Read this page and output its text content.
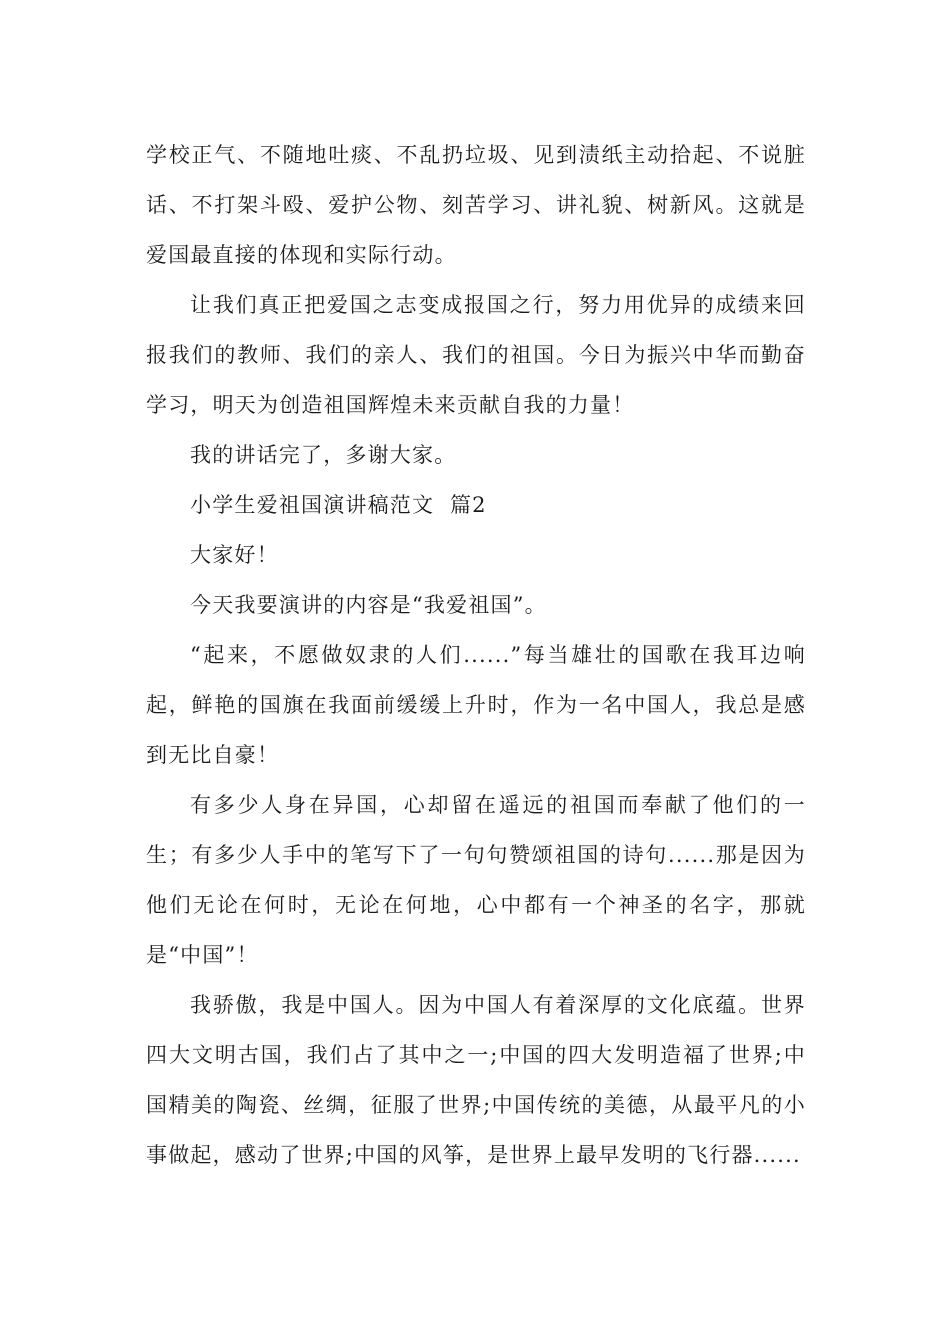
学校正气、不随地吐痰、不乱扔垃圾、见到渍纸主动拾起、不说脏话、不打架斗殴、爱护公物、刻苦学习、讲礼貌、树新风。这就是爱国最直接的体现和实际行动。

让我们真正把爱国之志变成报国之行，努力用优异的成绩来回报我们的教师、我们的亲人、我们的祖国。今日为振兴中华而勤奋学习，明天为创造祖国辉煌未来贡献自我的力量！

我的讲话完了，多谢大家。

小学生爱祖国演讲稿范文  篇2

大家好！

今天我要演讲的内容是“我爱祖国”。

“起来，不愿做奴隶的人们......”每当雄壮的国歌在我耳边响起，鲜艳的国旗在我面前缓缓上升时，作为一名中国人，我总是感到无比自豪！

有多少人身在异国，心却留在遥远的祖国而奉献了他们的一生；有多少人手中的笔写下了一句句赞颂祖国的诗句......那是因为他们无论在何时，无论在何地，心中都有一个神圣的名字，那就是“中国”！

我骄傲，我是中国人。因为中国人有着深厚的文化底蕴。世界四大文明古国，我们占了其中之一;中国的四大发明造福了世界;中国精美的陶瓷、丝绸，征服了世界;中国传统的美德，从最平凡的小事做起，感动了世界;中国的风筝，是世界上最早发明的飞行器......
